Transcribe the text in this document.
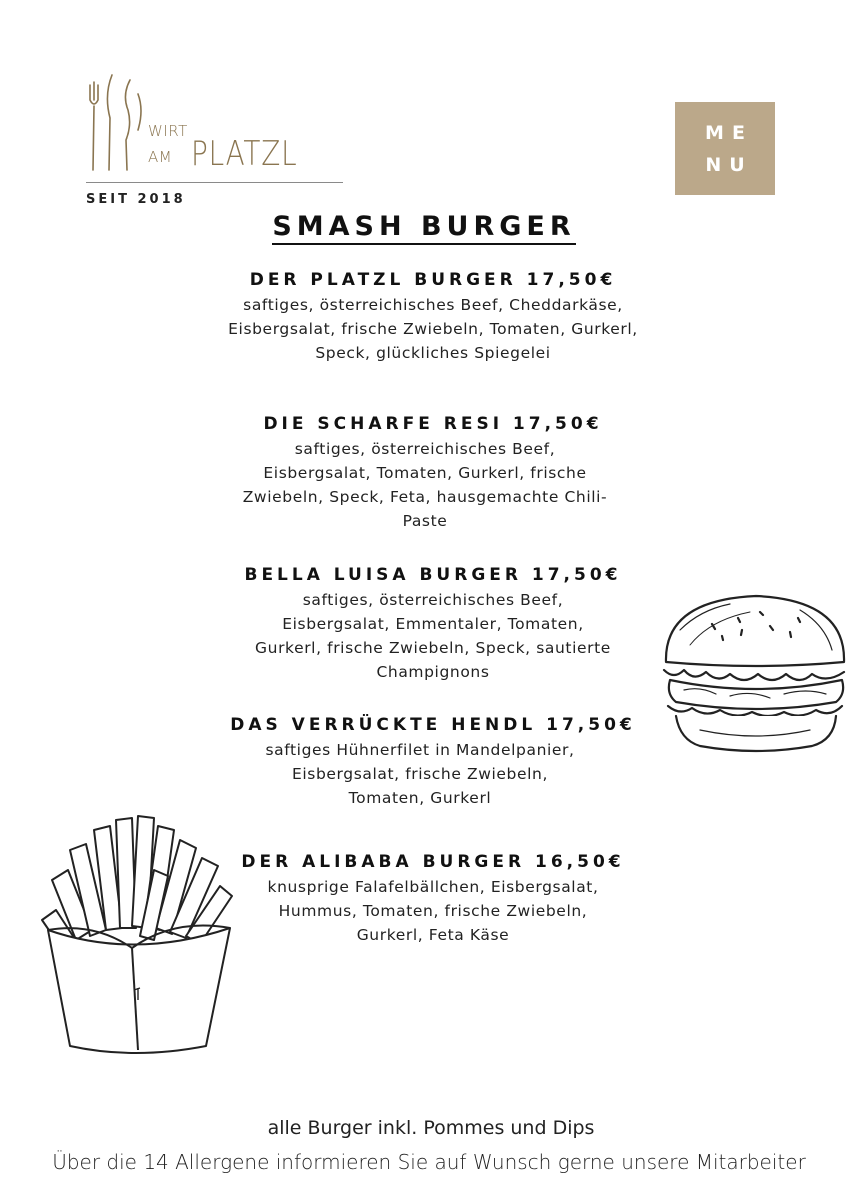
WIRT
AM PLATZL
SEIT 2018
ME
NU
SMASH BURGER
DER PLATZL BURGER 17,50€
saftiges, österreichisches Beef, Cheddarkäse,
Eisbergsalat, frische Zwiebeln, Tomaten, Gurkerl,
Speck, glückliches Spiegelei
DIE SCHARFE RESI 17,50€
saftiges, österreichisches Beef,
Eisbergsalat, Tomaten, Gurkerl, frische
Zwiebeln, Speck, Feta, hausgemachte Chili-
Paste
BELLA LUISA BURGER 17,50€
saftiges, österreichisches Beef,
Eisbergsalat, Emmentaler, Tomaten,
Gurkerl, frische Zwiebeln, Speck, sautierte
Champignons
DAS VERRÜCKTE HENDL 17,50€
saftiges Hühnerfilet in Mandelpanier,
Eisbergsalat, frische Zwiebeln,
Tomaten, Gurkerl
DER ALIBABA BURGER 16,50€
knusprige Falafelbällchen, Eisbergsalat,
Hummus, Tomaten, frische Zwiebeln,
Gurkerl, Feta Käse
alle Burger inkl. Pommes und Dips
Über die 14 Allergene informieren Sie auf Wunsch gerne unsere Mitarbeiter
